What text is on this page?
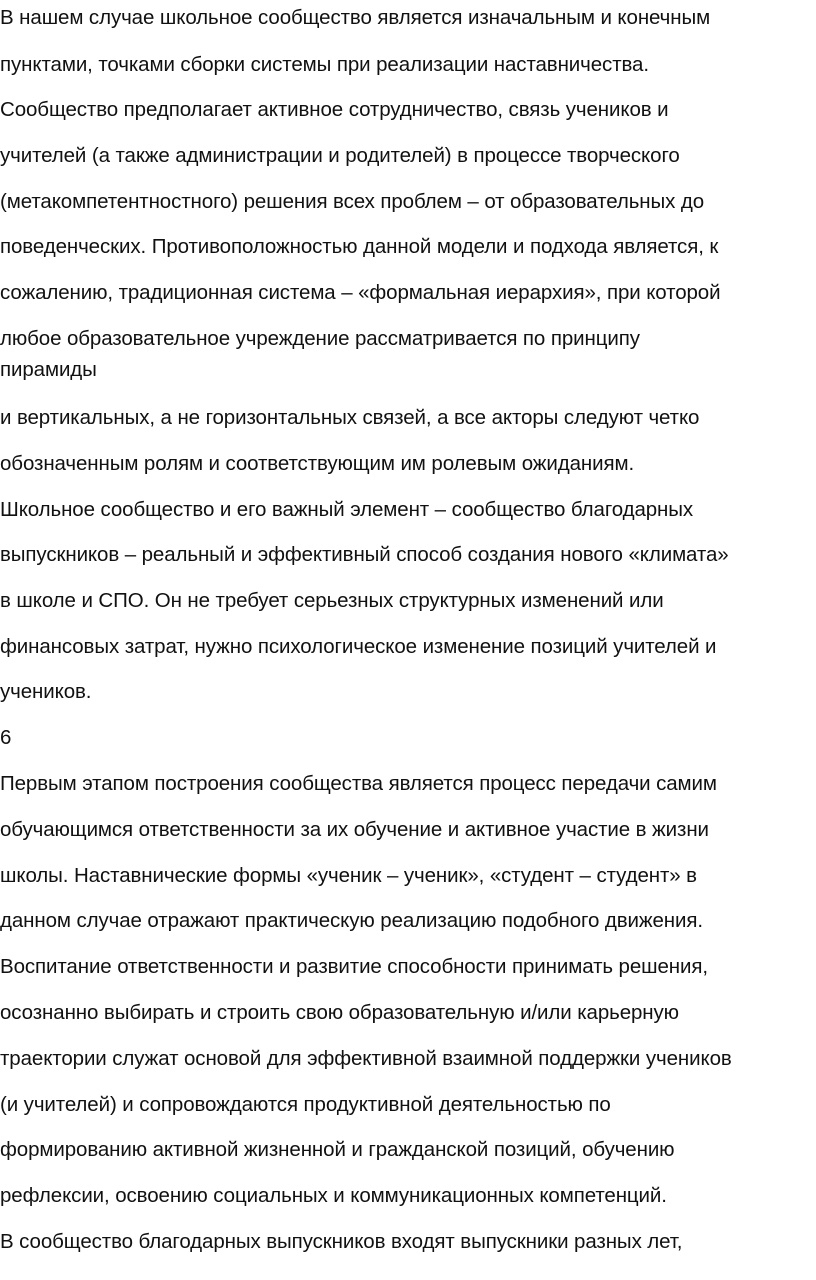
В нашем случае школьное сообщество является изначальным и конечным
пунктами, точками сборки системы при реализации наставничества.
Сообщество предполагает активное сотрудничество, связь учеников и
учителей (а также администрации и родителей) в процессе творческого
(метакомпетентностного) решения всех проблем – от образовательных до
поведенческих. Противоположностью данной модели и подхода является, к
сожалению, традиционная система – «формальная иерархия», при которой
любое образовательное учреждение рассматривается по принципу
пирамиды
и вертикальных, а не горизонтальных связей, а все акторы следуют четко
обозначенным ролям и соответствующим им ролевым ожиданиям.
Школьное сообщество и его важный элемент – сообщество благодарных
выпускников – реальный и эффективный способ создания нового «климата»
в школе и СПО. Он не требует серьезных структурных изменений или
финансовых затрат, нужно психологическое изменение позиций учителей и
учеников.
6
Первым этапом построения сообщества является процесс передачи самим
обучающимся ответственности за их обучение и активное участие в жизни
школы. Наставнические формы «ученик – ученик», «студент – студент» в
данном случае отражают практическую реализацию подобного движения.
Воспитание ответственности и развитие способности принимать решения,
осознанно выбирать и строить свою образовательную и/или карьерную
траектории служат основой для эффективной взаимной поддержки учеников
(и учителей) и сопровождаются продуктивной деятельностью по
формированию активной жизненной и гражданской позиций, обучению
рефлексии, освоению социальных и коммуникационных компетенций.
В сообщество благодарных выпускников входят выпускники разных лет,
